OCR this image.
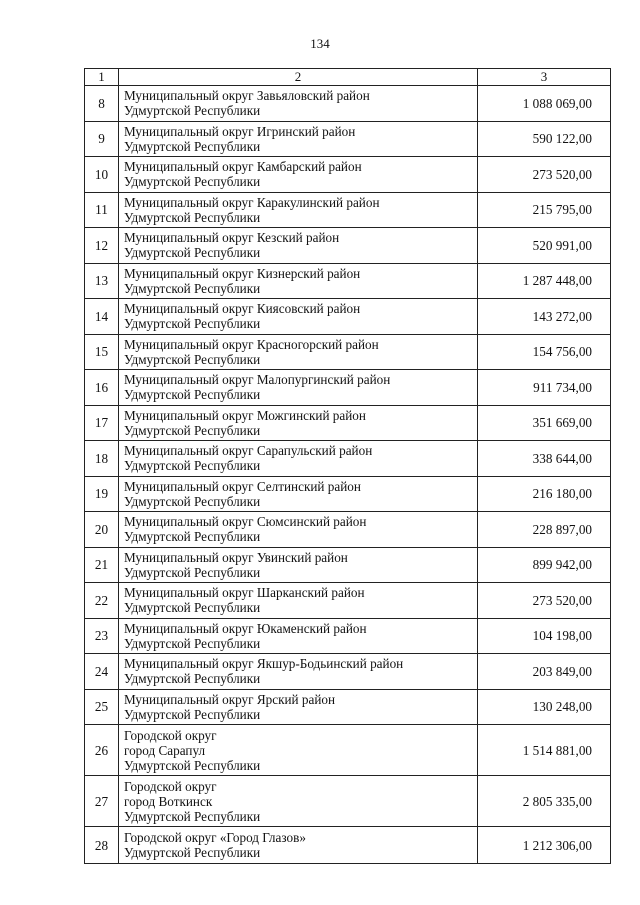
134
1	2	3
8	Муниципальный округ Завьяловский район
Удмуртской Республики	1 088 069,00
9	Муниципальный округ Игринский район
Удмуртской Республики	590 122,00
10	Муниципальный округ Камбарский район
Удмуртской Республики	273 520,00
11	Муниципальный округ Каракулинский район
Удмуртской Республики	215 795,00
12	Муниципальный округ Кезский район
Удмуртской Республики	520 991,00
13	Муниципальный округ Кизнерский район
Удмуртской Республики	1 287 448,00
14	Муниципальный округ Киясовский район
Удмуртской Республики	143 272,00
15	Муниципальный округ Красногорский район
Удмуртской Республики	154 756,00
16	Муниципальный округ Малопургинский район
Удмуртской Республики	911 734,00
17	Муниципальный округ Можгинский район
Удмуртской Республики	351 669,00
18	Муниципальный округ Сарапульский район
Удмуртской Республики	338 644,00
19	Муниципальный округ Селтинский район
Удмуртской Республики	216 180,00
20	Муниципальный округ Сюмсинский район
Удмуртской Республики	228 897,00
21	Муниципальный округ Увинский район
Удмуртской Республики	899 942,00
22	Муниципальный округ Шарканский район
Удмуртской Республики	273 520,00
23	Муниципальный округ Юкаменский район
Удмуртской Республики	104 198,00
24	Муниципальный округ Якшур-Бодьинский район
Удмуртской Республики	203 849,00
25	Муниципальный округ Ярский район
Удмуртской Республики	130 248,00
26	Городской округ
город Сарапул
Удмуртской Республики	1 514 881,00
27	Городской округ
город Воткинск
Удмуртской Республики	2 805 335,00
28	Городской округ «Город Глазов»
Удмуртской Республики	1 212 306,00
